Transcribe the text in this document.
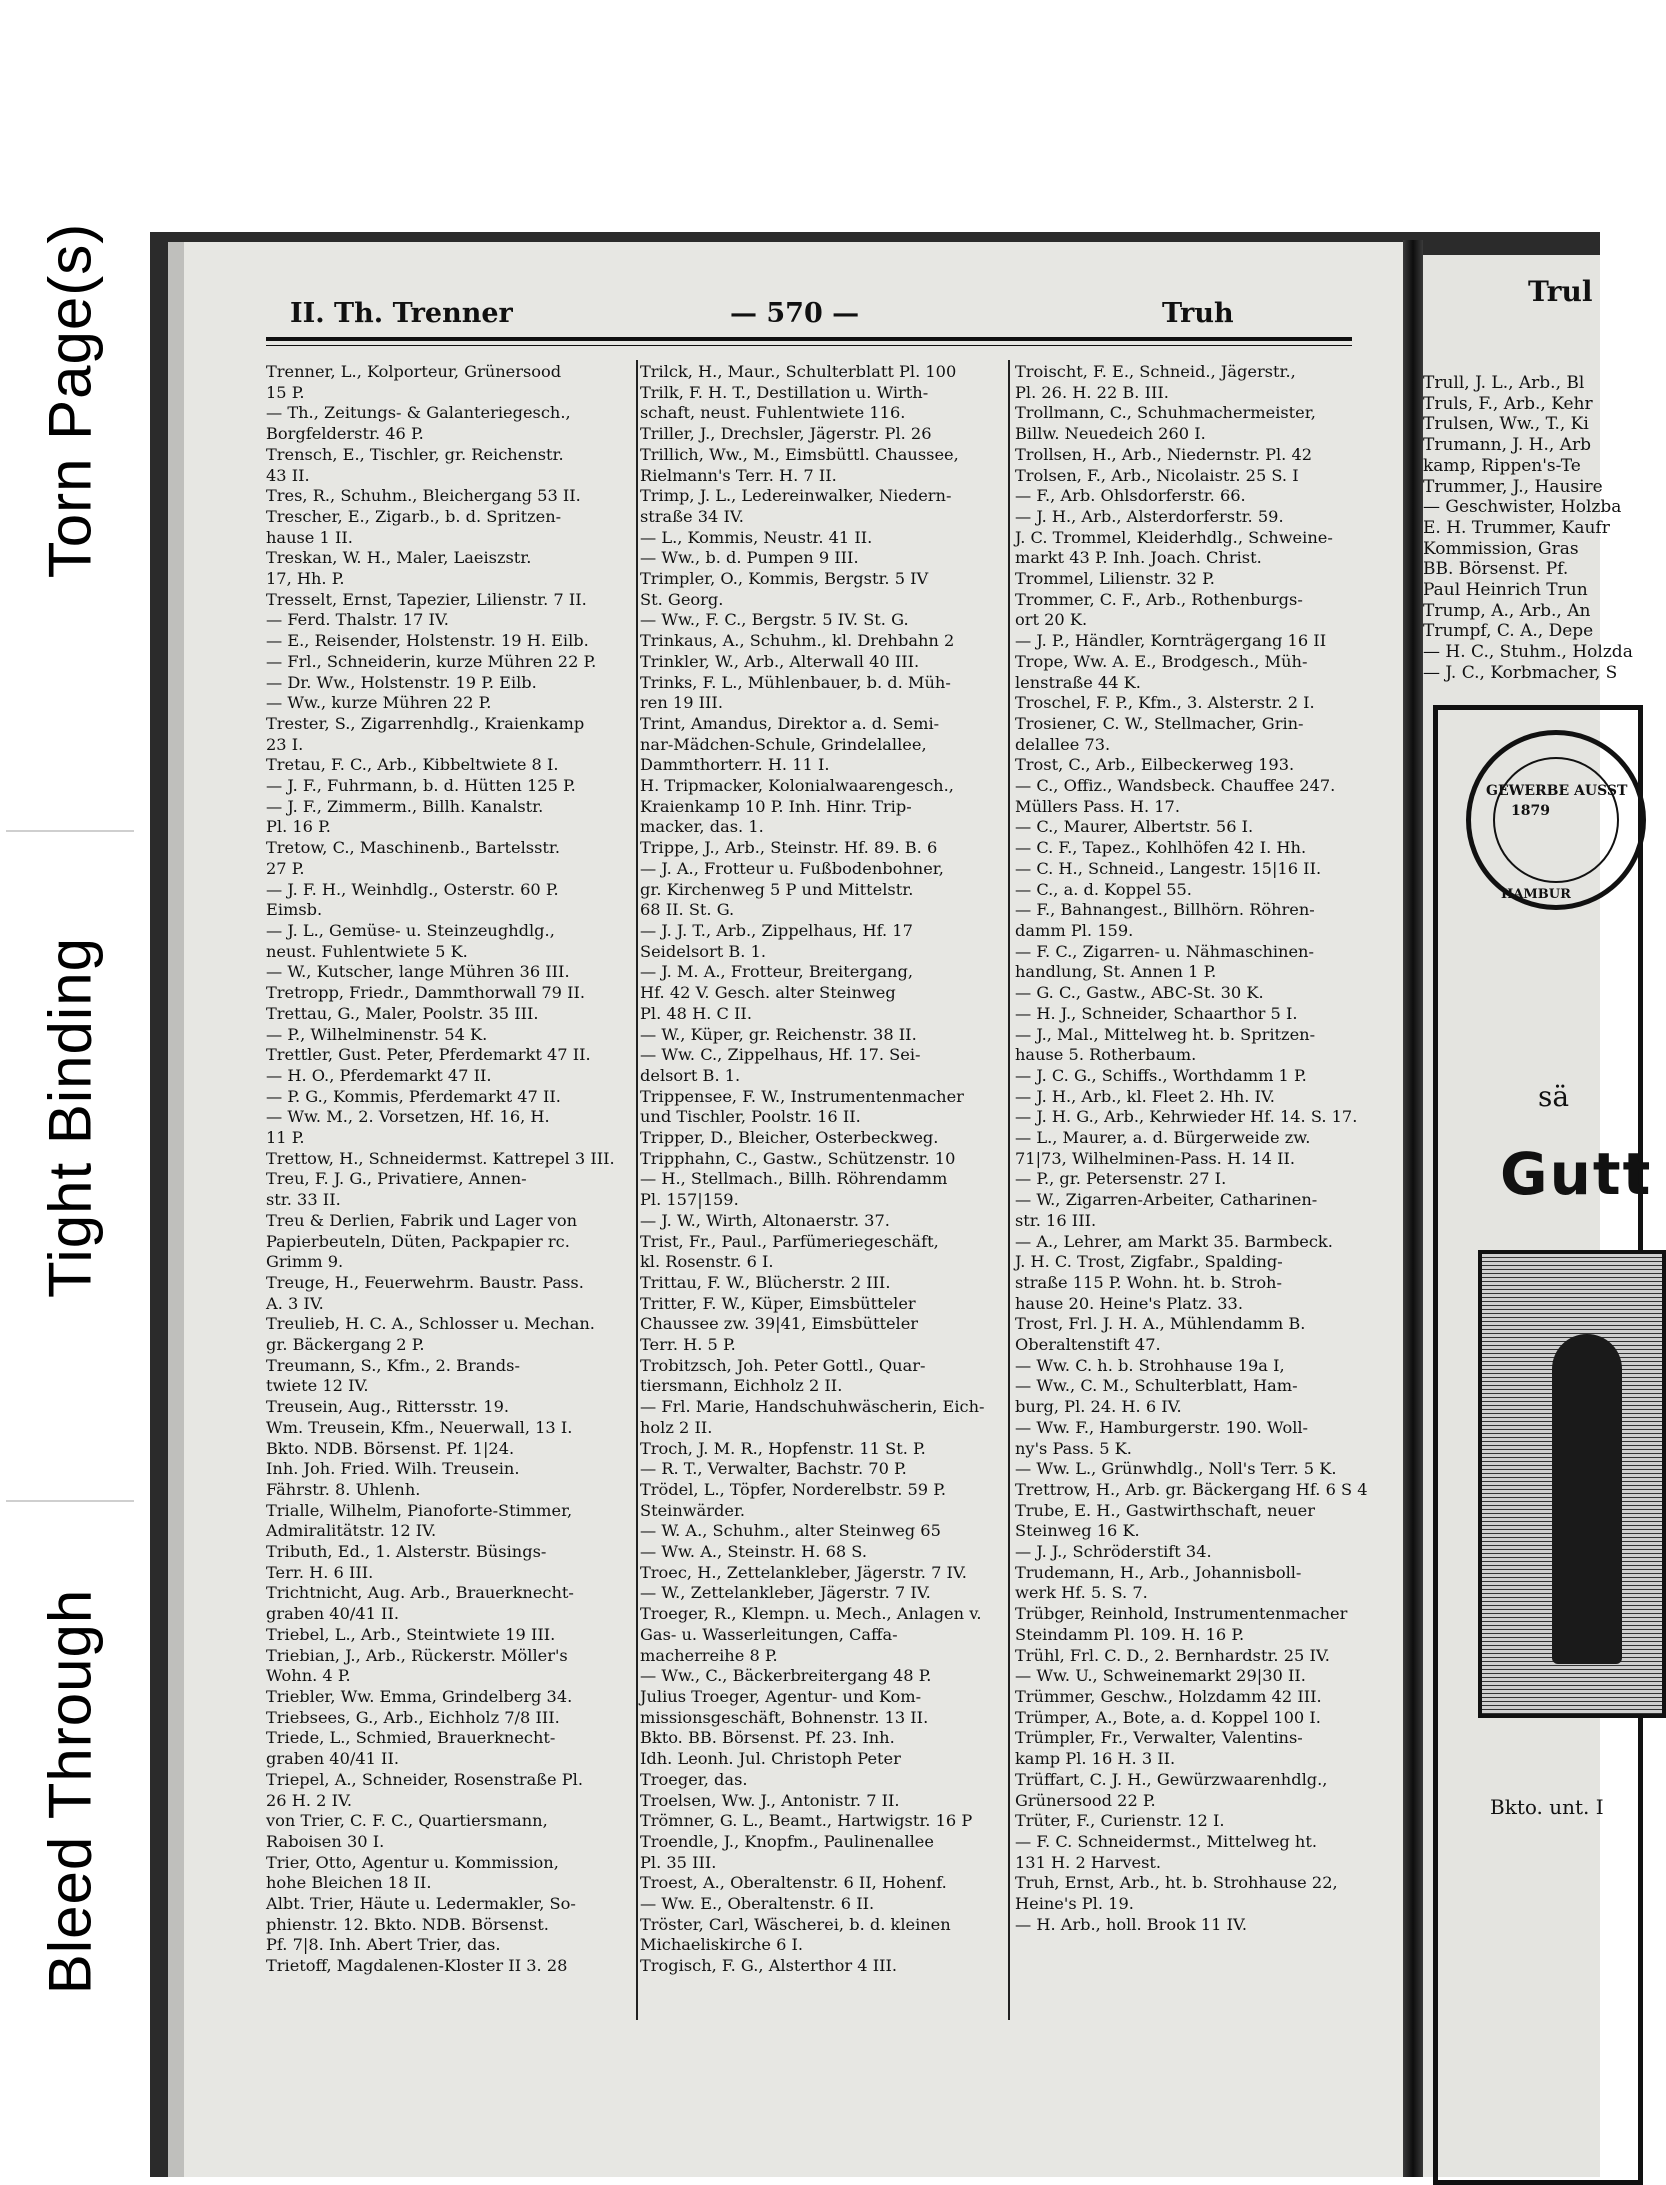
Torn Page(s)
Tight Binding
Bleed Through
II. Th. Trenner	— 570 —	Truh
Trenner, L., Kolporteur, Grünersood
15 P.
— Th., Zeitungs- & Galanteriegesch.,
Borgfelderstr. 46 P.
Trensch, E., Tischler, gr. Reichenstr.
43 II.
Tres, R., Schuhm., Bleichergang 53 II.
Trescher, E., Zigarb., b. d. Spritzen-
hause 1 II.
Treskan, W. H., Maler, Laeiszstr.
17, Hh. P.
Tresselt, Ernst, Tapezier, Lilienstr. 7 II.
— Ferd. Thalstr. 17 IV.
— E., Reisender, Holstenstr. 19 H. Eilb.
— Frl., Schneiderin, kurze Mühren 22 P.
— Dr. Ww., Holstenstr. 19 P. Eilb.
— Ww., kurze Mühren 22 P.
Trester, S., Zigarrenhdlg., Kraienkamp
23 I.
Tretau, F. C., Arb., Kibbeltwiete 8 I.
— J. F., Fuhrmann, b. d. Hütten 125 P.
— J. F., Zimmerm., Billh. Kanalstr.
Pl. 16 P.
Tretow, C., Maschinenb., Bartelsstr.
27 P.
— J. F. H., Weinhdlg., Osterstr. 60 P.
Eimsb.
— J. L., Gemüse- u. Steinzeughdlg.,
neust. Fuhlentwiete 5 K.
— W., Kutscher, lange Mühren 36 III.
Tretropp, Friedr., Dammthorwall 79 II.
Trettau, G., Maler, Poolstr. 35 III.
— P., Wilhelminenstr. 54 K.
Trettler, Gust. Peter, Pferdemarkt 47 II.
— H. O., Pferdemarkt 47 II.
— P. G., Kommis, Pferdemarkt 47 II.
— Ww. M., 2. Vorsetzen, Hf. 16, H.
11 P.
Trettow, H., Schneidermst. Kattrepel 3 III.
Treu, F. J. G., Privatiere, Annen-
str. 33 II.
Treu & Derlien, Fabrik und Lager von
Papierbeuteln, Düten, Packpapier rc.
Grimm 9.
Treuge, H., Feuerwehrm. Baustr. Pass.
A. 3 IV.
Treulieb, H. C. A., Schlosser u. Mechan.
gr. Bäckergang 2 P.
Treumann, S., Kfm., 2. Brands-
twiete 12 IV.
Treusein, Aug., Rittersstr. 19.
Wm. Treusein, Kfm., Neuerwall, 13 I.
Bkto. NDB. Börsenst. Pf. 1|24.
Inh. Joh. Fried. Wilh. Treusein.
Fährstr. 8. Uhlenh.
Trialle, Wilhelm, Pianoforte-Stimmer,
Admiralitätstr. 12 IV.
Tributh, Ed., 1. Alsterstr. Büsings-
Terr. H. 6 III.
Trichtnicht, Aug. Arb., Brauerknecht-
graben 40/41 II.
Triebel, L., Arb., Steintwiete 19 III.
Triebian, J., Arb., Rückerstr. Möller's
Wohn. 4 P.
Triebler, Ww. Emma, Grindelberg 34.
Triebsees, G., Arb., Eichholz 7/8 III.
Triede, L., Schmied, Brauerknecht-
graben 40/41 II.
Triepel, A., Schneider, Rosenstraße Pl.
26 H. 2 IV.
von Trier, C. F. C., Quartiersmann,
Raboisen 30 I.
Trier, Otto, Agentur u. Kommission,
hohe Bleichen 18 II.
Albt. Trier, Häute u. Ledermakler, So-
phienstr. 12. Bkto. NDB. Börsenst.
Pf. 7|8. Inh. Abert Trier, das.
Trietoff, Magdalenen-Kloster II 3. 28
Trilck, H., Maur., Schulterblatt Pl. 100
Trilk, F. H. T., Destillation u. Wirth-
schaft, neust. Fuhlentwiete 116.
Triller, J., Drechsler, Jägerstr. Pl. 26
Trillich, Ww., M., Eimsbüttl. Chaussee,
Rielmann's Terr. H. 7 II.
Trimp, J. L., Ledereinwalker, Niedern-
straße 34 IV.
— L., Kommis, Neustr. 41 II.
— Ww., b. d. Pumpen 9 III.
Trimpler, O., Kommis, Bergstr. 5 IV
St. Georg.
— Ww., F. C., Bergstr. 5 IV. St. G.
Trinkaus, A., Schuhm., kl. Drehbahn 2
Trinkler, W., Arb., Alterwall 40 III.
Trinks, F. L., Mühlenbauer, b. d. Müh-
ren 19 III.
Trint, Amandus, Direktor a. d. Semi-
nar-Mädchen-Schule, Grindelallee,
Dammthorterr. H. 11 I.
H. Tripmacker, Kolonialwaarengesch.,
Kraienkamp 10 P. Inh. Hinr. Trip-
macker, das. 1.
Trippe, J., Arb., Steinstr. Hf. 89. B. 6
— J. A., Frotteur u. Fußbodenbohner,
gr. Kirchenweg 5 P und Mittelstr.
68 II. St. G.
— J. J. T., Arb., Zippelhaus, Hf. 17
Seidelsort B. 1.
— J. M. A., Frotteur, Breitergang,
Hf. 42 V. Gesch. alter Steinweg
Pl. 48 H. C II.
— W., Küper, gr. Reichenstr. 38 II.
— Ww. C., Zippelhaus, Hf. 17. Sei-
delsort B. 1.
Trippensee, F. W., Instrumentenmacher
und Tischler, Poolstr. 16 II.
Tripper, D., Bleicher, Osterbeckweg.
Tripphahn, C., Gastw., Schützenstr. 10
— H., Stellmach., Billh. Röhrendamm
Pl. 157|159.
— J. W., Wirth, Altonaerstr. 37.
Trist, Fr., Paul., Parfümeriegeschäft,
kl. Rosenstr. 6 I.
Trittau, F. W., Blücherstr. 2 III.
Tritter, F. W., Küper, Eimsbütteler
Chaussee zw. 39|41, Eimsbütteler
Terr. H. 5 P.
Trobitzsch, Joh. Peter Gottl., Quar-
tiersmann, Eichholz 2 II.
— Frl. Marie, Handschuhwäscherin, Eich-
holz 2 II.
Troch, J. M. R., Hopfenstr. 11 St. P.
— R. T., Verwalter, Bachstr. 70 P.
Trödel, L., Töpfer, Norderelbstr. 59 P.
Steinwärder.
— W. A., Schuhm., alter Steinweg 65
— Ww. A., Steinstr. H. 68 S.
Troec, H., Zettelankleber, Jägerstr. 7 IV.
— W., Zettelankleber, Jägerstr. 7 IV.
Troeger, R., Klempn. u. Mech., Anlagen v.
Gas- u. Wasserleitungen, Caffa-
macherreihe 8 P.
— Ww., C., Bäckerbreitergang 48 P.
Julius Troeger, Agentur- und Kom-
missionsgeschäft, Bohnenstr. 13 II.
Bkto. BB. Börsenst. Pf. 23. Inh.
Idh. Leonh. Jul. Christoph Peter
Troeger, das.
Troelsen, Ww. J., Antonistr. 7 II.
Trömner, G. L., Beamt., Hartwigstr. 16 P
Troendle, J., Knopfm., Paulinenallee
Pl. 35 III.
Troest, A., Oberaltenstr. 6 II, Hohenf.
— Ww. E., Oberaltenstr. 6 II.
Tröster, Carl, Wäscherei, b. d. kleinen
Michaeliskirche 6 I.
Trogisch, F. G., Alsterthor 4 III.
Troischt, F. E., Schneid., Jägerstr.,
Pl. 26. H. 22 B. III.
Trollmann, C., Schuhmachermeister,
Billw. Neuedeich 260 I.
Trollsen, H., Arb., Niedernstr. Pl. 42
Trolsen, F., Arb., Nicolaistr. 25 S. I
— F., Arb. Ohlsdorferstr. 66.
— J. H., Arb., Alsterdorferstr. 59.
J. C. Trommel, Kleiderhdlg., Schweine-
markt 43 P. Inh. Joach. Christ.
Trommel, Lilienstr. 32 P.
Trommer, C. F., Arb., Rothenburgs-
ort 20 K.
— J. P., Händler, Kornträgergang 16 II
Trope, Ww. A. E., Brodgesch., Müh-
lenstraße 44 K.
Troschel, F. P., Kfm., 3. Alsterstr. 2 I.
Trosiener, C. W., Stellmacher, Grin-
delallee 73.
Trost, C., Arb., Eilbeckerweg 193.
— C., Offiz., Wandsbeck. Chauffee 247.
Müllers Pass. H. 17.
— C., Maurer, Albertstr. 56 I.
— C. F., Tapez., Kohlhöfen 42 I. Hh.
— C. H., Schneid., Langestr. 15|16 II.
— C., a. d. Koppel 55.
— F., Bahnangest., Billhörn. Röhren-
damm Pl. 159.
— F. C., Zigarren- u. Nähmaschinen-
handlung, St. Annen 1 P.
— G. C., Gastw., ABC-St. 30 K.
— H. J., Schneider, Schaarthor 5 I.
— J., Mal., Mittelweg ht. b. Spritzen-
hause 5. Rotherbaum.
— J. C. G., Schiffs., Worthdamm 1 P.
— J. H., Arb., kl. Fleet 2. Hh. IV.
— J. H. G., Arb., Kehrwieder Hf. 14. S. 17.
— L., Maurer, a. d. Bürgerweide zw.
71|73, Wilhelminen-Pass. H. 14 II.
— P., gr. Petersenstr. 27 I.
— W., Zigarren-Arbeiter, Catharinen-
str. 16 III.
— A., Lehrer, am Markt 35. Barmbeck.
J. H. C. Trost, Zigfabr., Spalding-
straße 115 P. Wohn. ht. b. Stroh-
hause 20. Heine's Platz. 33.
Trost, Frl. J. H. A., Mühlendamm B.
Oberaltenstift 47.
— Ww. C. h. b. Strohhause 19a I,
— Ww., C. M., Schulterblatt, Ham-
burg, Pl. 24. H. 6 IV.
— Ww. F., Hamburgerstr. 190. Woll-
ny's Pass. 5 K.
— Ww. L., Grünwhdlg., Noll's Terr. 5 K.
Trettrow, H., Arb. gr. Bäckergang Hf. 6 S 4
Trube, E. H., Gastwirthschaft, neuer
Steinweg 16 K.
— J. J., Schröderstift 34.
Trudemann, H., Arb., Johannisboll-
werk Hf. 5. S. 7.
Trübger, Reinhold, Instrumentenmacher
Steindamm Pl. 109. H. 16 P.
Trühl, Frl. C. D., 2. Bernhardstr. 25 IV.
— Ww. U., Schweinemarkt 29|30 II.
Trümmer, Geschw., Holzdamm 42 III.
Trümper, A., Bote, a. d. Koppel 100 I.
Trümpler, Fr., Verwalter, Valentins-
kamp Pl. 16 H. 3 II.
Trüffart, C. J. H., Gewürzwaarenhdlg.,
Grünersood 22 P.
Trüter, F., Curienstr. 12 I.
— F. C. Schneidermst., Mittelweg ht.
131 H. 2 Harvest.
Truh, Ernst, Arb., ht. b. Strohhause 22,
Heine's Pl. 19.
— H. Arb., holl. Brook 11 IV.
Trul
Trull, J. L., Arb., Bl
Truls, F., Arb., Kehr
Trulsen, Ww., T., Ki
Trumann, J. H., Arb
kamp, Rippen's-Te
Trummer, J., Hausire
— Geschwister, Holzba
E. H. Trummer, Kaufr
Kommission, Gras
BB. Börsenst. Pf.
Paul Heinrich Trun
Trump, A., Arb., An
Trumpf, C. A., Depe
— H. C., Stuhm., Holzda
— J. C., Korbmacher, S
GEWERBE AUSST
1879
HAMBUR
sä
Gutt
Bkto. unt. I
